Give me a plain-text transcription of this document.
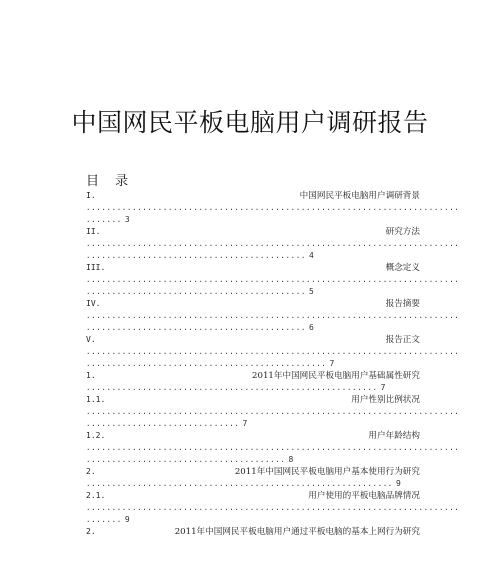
中国网民平板电脑用户调研报告
目 录
I.	中国网民平板电脑用户调研背景
.........................................................................
....... 3
II.	研究方法
.........................................................................
........................................... 4
III.	概念定义
.........................................................................
........................................... 5
IV.	报告摘要
.........................................................................
........................................... 6
V.	报告正文
.........................................................................
............................................... 7
1.	2011年中国网民平板电脑用户基础属性研究
......................................................... 7
1.1.	用户性别比例状况
.........................................................................
.............................. 7
1.2.	用户年龄结构
.........................................................................
....................................... 8
2.	2011年中国网民平板电脑用户基本使用行为研究
............................................................ 9
2.1.	用户使用的平板电脑品牌情况
.........................................................................
....... 9
2.	2011年中国网民平板电脑用户通过平板电脑的基本上网行为研究
